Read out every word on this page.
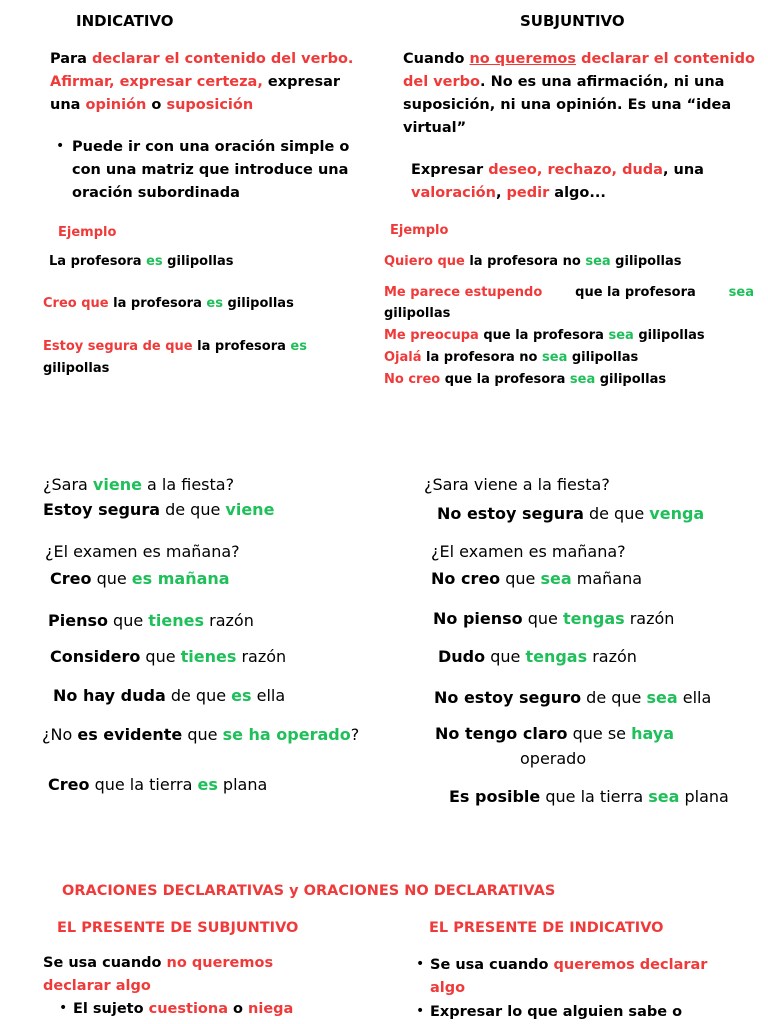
INDICATIVO
Para declarar el contenido del verbo. Afirmar, expresar certeza, expresar una opinión o suposición
• Puede ir con una oración simple o con una matriz que introduce una oración subordinada
Ejemplo
La profesora es gilipollas
Creo que la profesora es gilipollas
Estoy segura de que la profesora es
gilipollas
SUBJUNTIVO
Cuando no queremos declarar el contenido del verbo. No es una afirmación, ni una suposición, ni una opinión. Es una “idea virtual”
Expresar deseo, rechazo, duda, una valoración, pedir algo...
Ejemplo
Quiero que la profesora no sea gilipollas
Me parece estupendo	que la profesora	sea
gilipollas
Me preocupa que la profesora sea gilipollas
Ojalá la profesora no sea gilipollas
No creo que la profesora sea gilipollas
¿Sara viene a la fiesta?
Estoy segura de que viene
¿El examen es mañana?
Creo que es mañana
Pienso que tienes razón
Considero que tienes razón
No hay duda de que es ella
¿No es evidente que se ha operado?
Creo que la tierra es plana
¿Sara viene a la fiesta?
No estoy segura de que venga
¿El examen es mañana?
No creo que sea mañana
No pienso que tengas razón
Dudo que tengas razón
No estoy seguro de que sea ella
No tengo claro que se haya
operado
Es posible que la tierra sea plana
ORACIONES DECLARATIVAS y ORACIONES NO DECLARATIVAS
EL PRESENTE DE SUBJUNTIVO	EL PRESENTE DE INDICATIVO
Se usa cuando no queremos declarar algo
• El sujeto cuestiona o niega
• Se usa cuando queremos declarar algo
• Expresar lo que alguien sabe o
